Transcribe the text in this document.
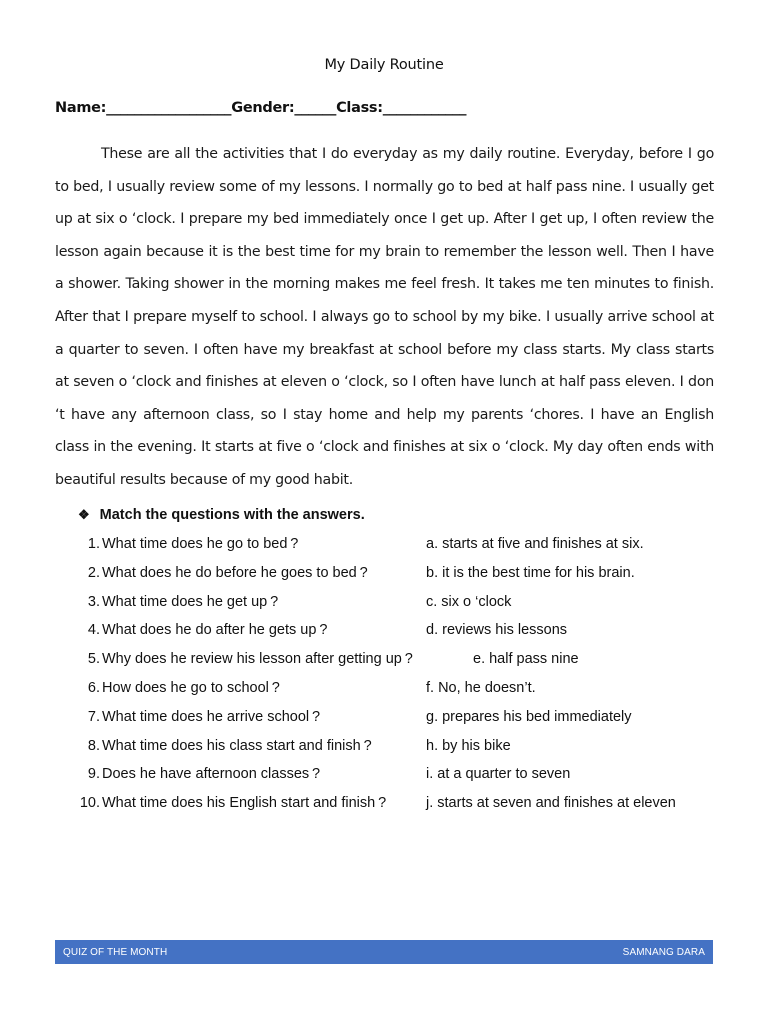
My Daily Routine
Name:__________________Gender:______Class:____________
These are all the activities that I do everyday as my daily routine. Everyday, before I go to bed, I usually review some of my lessons. I normally go to bed at half pass nine. I usually get up at six o ‘clock. I prepare my bed immediately once I get up. After I get up, I often review the lesson again because it is the best time for my brain to remember the lesson well. Then I have a shower. Taking shower in the morning makes me feel fresh. It takes me ten minutes to finish. After that I prepare myself to school. I always go to school by my bike. I usually arrive school at a quarter to seven. I often have my breakfast at school before my class starts. My class starts at seven o ‘clock and finishes at eleven o ‘clock, so I often have lunch at half pass eleven. I don ‘t have any afternoon class, so I stay home and help my parents ‘chores. I have an English class in the evening. It starts at five o ‘clock and finishes at six o ‘clock. My day often ends with beautiful results because of my good habit.
❖ Match the questions with the answers.
1. What time does he go to bed ?	a. starts at five and finishes at six.
2. What does he do before he goes to bed ?	b. it is the best time for his brain.
3. What time does he get up ?	c. six o ‘clock
4. What does he do after he gets up ?	d. reviews his lessons
5. Why does he review his lesson after getting up ?	e. half pass nine
6. How does he go to school ?	f. No, he doesn’t.
7. What time does he arrive school ?	g. prepares his bed immediately
8. What time does his class start and finish ?	h. by his bike
9. Does he have afternoon classes ?	i. at a quarter to seven
10. What time does his English start and finish ?	j. starts at seven and finishes at eleven
QUIZ OF THE MONTH	SAMNANG DARA
